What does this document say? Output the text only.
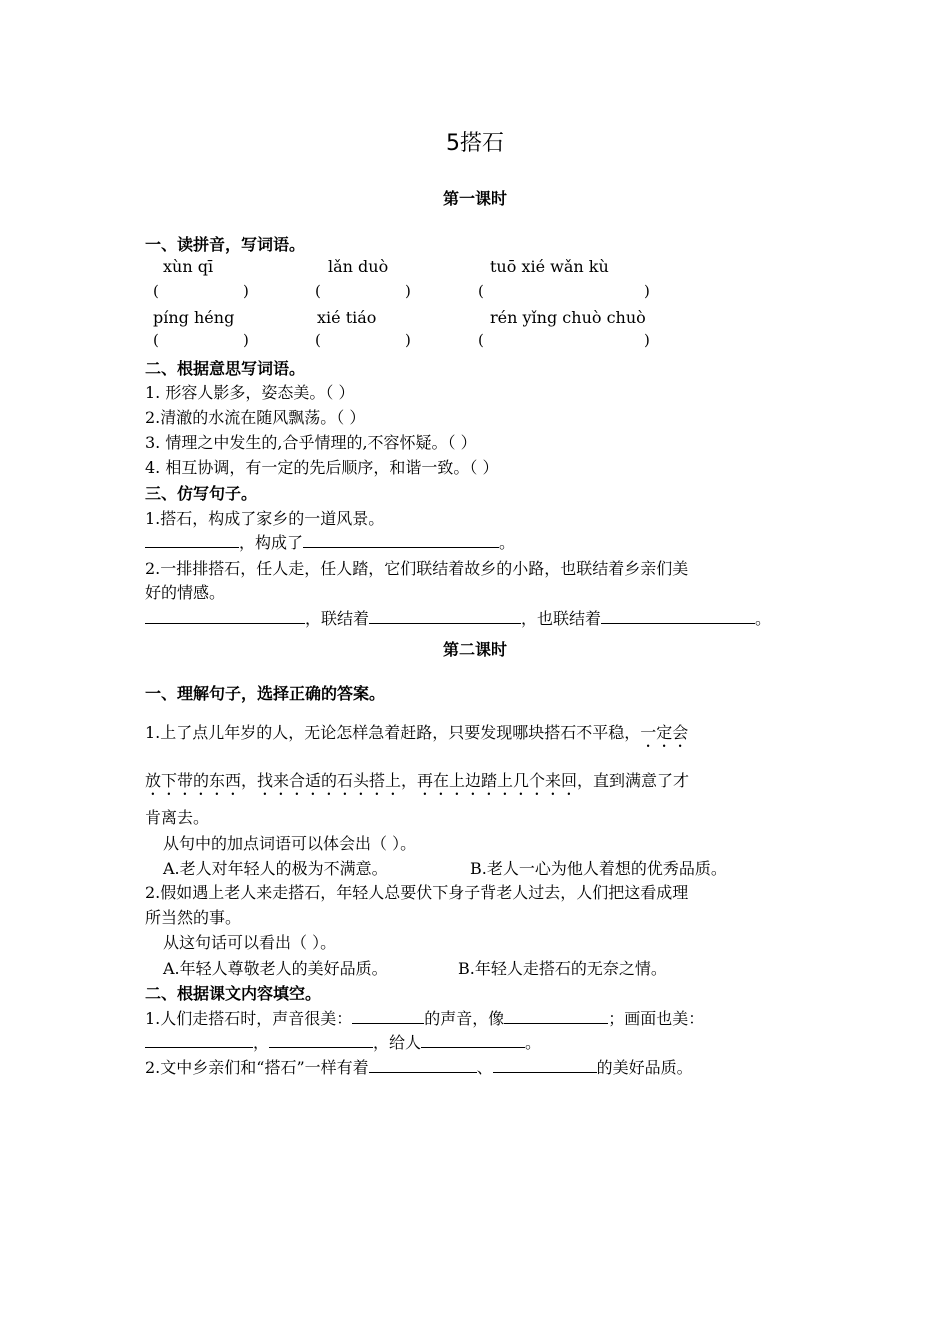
5搭石
第一课时
一、读拼音，写词语。
xùn qī	lǎn duò	tuō xié wǎn kù
(	)	(	)	(	)
píng héng	xié tiáo	rén yǐng chuò chuò
(	)	(	)	(	)
二、根据意思写词语。
1. 形容人影多，姿态美。（ ）
2.清澈的水流在随风飘荡。（ ）
3. 情理之中发生的,合乎情理的,不容怀疑。（ ）
4. 相互协调，有一定的先后顺序，和谐一致。（ ）
三、仿写句子。
1.搭石，构成了家乡的一道风景。
，构成了	。
2.一排排搭石，任人走，任人踏，它们联结着故乡的小路，也联结着乡亲们美
好的情感。
，联结着	，也联结着	。
第二课时
一、理解句子，选择正确的答案。
1.上了点儿年岁的人，无论怎样急着赶路，只要发现哪块搭石不平稳，一定会
放下带的东西，找来合适的石头搭上，再在上边踏上几个来回，直到满意了才
肯离去。
从句中的加点词语可以体会出（ ）。
A.老人对年轻人的极为不满意。	B.老人一心为他人着想的优秀品质。
2.假如遇上老人来走搭石，年轻人总要伏下身子背老人过去，人们把这看成理
所当然的事。
从这句话可以看出（ ）。
A.年轻人尊敬老人的美好品质。	B.年轻人走搭石的无奈之情。
二、根据课文内容填空。
1.人们走搭石时，声音很美：	的声音，像	；画面也美：
，	，给人	。
2.文中乡亲们和“搭石”一样有着	、	的美好品质。
